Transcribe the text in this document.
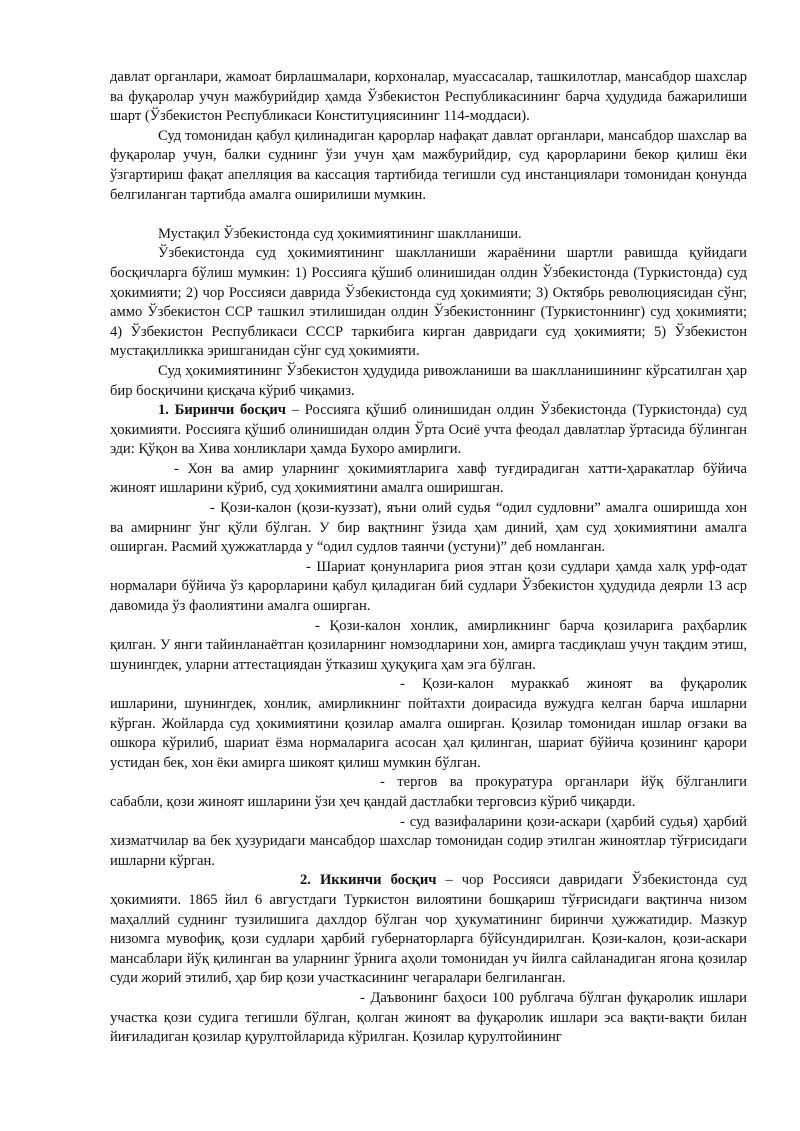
давлат органлари, жамоат бирлашмалари, корхоналар, муассасалар, ташкилотлар, мансабдор шахслар ва фуқаролар учун мажбурийдир ҳамда Ўзбекистон Республикасининг барча ҳудудида бажарилиши шарт (Ўзбекистон Республикаси Конституциясининг 114-моддаси).

Суд томонидан қабул қилинадиган қарорлар нафақат давлат органлари, мансабдор шахслар ва фуқаролар учун, балки суднинг ўзи учун ҳам мажбурийдир, суд қарорларини бекор қилиш ёки ўзгартириш фақат апелляция ва кассация тартибида тегишли суд инстанциялари томонидан қонунда белгиланган тартибда амалга оширилиши мумкин.

Мустақил Ўзбекистонда суд ҳокимиятининг шаклланиши.

Ўзбекистонда суд ҳокимиятининг шаклланиши жараёнини шартли равишда қуйидаги босқичларга бўлиш мумкин: 1) Россияга қўшиб олинишидан олдин Ўзбекистонда (Туркистонда) суд ҳокимияти; 2) чор Россияси даврида Ўзбекистонда суд ҳокимияти; 3) Октябрь революциясидан сўнг, аммо Ўзбекистон ССР ташкил этилишидан олдин Ўзбекистоннинг (Туркистоннинг) суд ҳокимияти; 4) Ўзбекистон Республикаси СССР таркибига кирган давридаги суд ҳокимияти; 5) Ўзбекистон мустақилликка эришганидан сўнг суд ҳокимияти.

Суд ҳокимиятининг Ўзбекистон ҳудудида ривожланиши ва шаклланишининг кўрсатилган ҳар бир босқичини қисқача кўриб чиқамиз.

1. Биринчи босқич – Россияга қўшиб олинишидан олдин Ўзбекистонда (Туркистонда) суд ҳокимияти. Россияга қўшиб олинишидан олдин Ўрта Осиё учта феодал давлатлар ўртасида бўлинган эди: Қўқон ва Хива хонликлари ҳамда Бухоро амирлиги.

- Хон ва амир уларнинг ҳокимиятларига хавф туғдирадиган хатти-ҳаракатлар бўйича жиноят ишларини кўриб, суд ҳокимиятини амалга оширишган.

- Қози-калон (қози-куззат), яъни олий судья “одил судловни” амалга оширишда хон ва амирнинг ўнг қўли бўлган. У бир вақтнинг ўзида ҳам диний, ҳам суд ҳокимиятини амалга оширган. Расмий ҳужжатларда у “одил судлов таянчи (устуни)” деб номланган.

- Шариат қонунларига риоя этган қози судлари ҳамда халқ урф-одат нормалари бўйича ўз қарорларини қабул қиладиган бий судлари Ўзбекистон ҳудудида деярли 13 аср давомида ўз фаолиятини амалга оширган.

- Қози-калон хонлик, амирликнинг барча қозиларига раҳбарлик қилган. У янги тайинланаётган қозиларнинг номзодларини хон, амирга тасдиқлаш учун тақдим этиш, шунингдек, уларни аттестациядан ўтказиш ҳуқуқига ҳам эга бўлган.

- Қози-калон мураккаб жиноят ва фуқаролик ишларини, шунингдек, хонлик, амирликнинг пойтахти доирасида вужудга келган барча ишларни кўрган. Жойларда суд ҳокимиятини қозилар амалга оширган. Қозилар томонидан ишлар оғзаки ва ошкора кўрилиб, шариат ёзма нормаларига асосан ҳал қилинган, шариат бўйича қозининг қарори устидан бек, хон ёки амирга шикоят қилиш мумкин бўлган.

- тергов ва прокуратура органлари йўқ бўлганлиги сабабли, қози жиноят ишларини ўзи ҳеч қандай дастлабки терговсиз кўриб чиқарди.

- суд вазифаларини қози-аскари (ҳарбий судья) ҳарбий хизматчилар ва бек ҳузуридаги мансабдор шахслар томонидан содир этилган жиноятлар тўғрисидаги ишларни кўрган.

2. Иккинчи босқич – чор Россияси давридаги Ўзбекистонда суд ҳокимияти. 1865 йил 6 августдаги Туркистон вилоятини бошқариш тўғрисидаги вақтинча низом маҳаллий суднинг тузилишига дахлдор бўлган чор ҳукуматининг биринчи ҳужжатидир. Мазкур низомга мувофиқ, қози судлари ҳарбий губернаторларга бўйсундирилган. Қози-калон, қози-аскари мансаблари йўқ қилинган ва уларнинг ўрнига аҳоли томонидан уч йилга сайланадиган ягона қозилар суди жорий этилиб, ҳар бир қози участкасининг чегаралари белгиланган.

- Даъвонинг баҳоси 100 рублгача бўлган фуқаролик ишлари участка қози судига тегишли бўлган, қолган жиноят ва фуқаролик ишлари эса вақти-вақти билан йиғиладиган қозилар қурултойларида кўрилган. Қозилар қурултойининг
